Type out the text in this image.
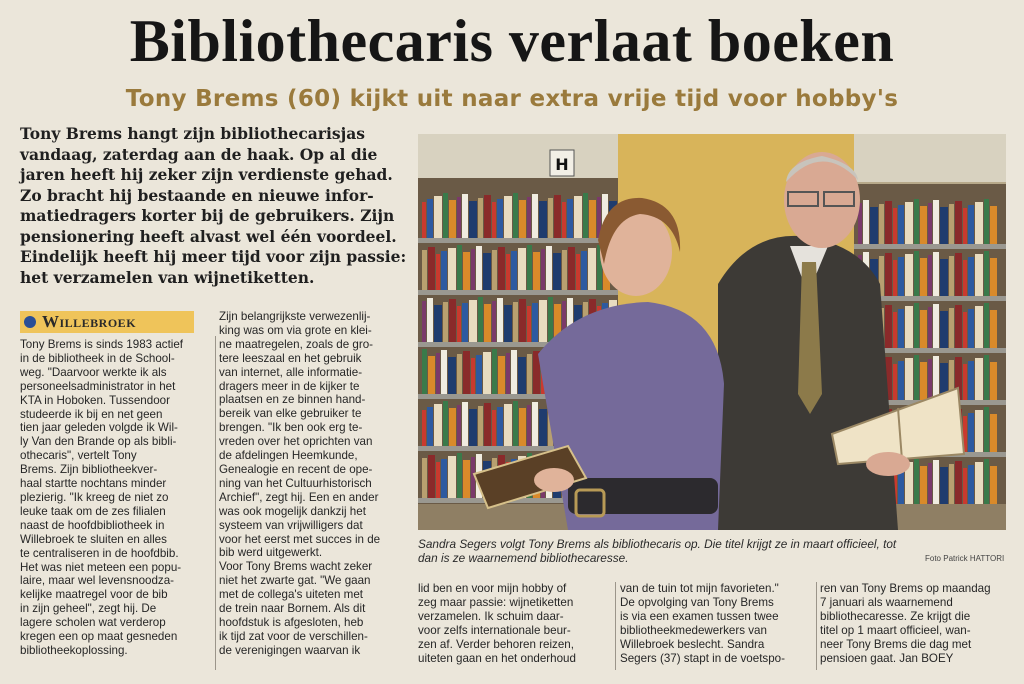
Bibliothecaris verlaat boeken
Tony Brems (60) kijkt uit naar extra vrije tijd voor hobby's
Tony Brems hangt zijn bibliothecarisjas
vandaag, zaterdag aan de haak. Op al die
jaren heeft hij zeker zijn verdienste gehad.
Zo bracht hij bestaande en nieuwe infor-
matiedragers korter bij de gebruikers. Zijn
pensionering heeft alvast wel één voordeel.
Eindelijk heeft hij meer tijd voor zijn passie:
het verzamelen van wijnetiketten.
Willebroek
Tony Brems is sinds 1983 actief
in de bibliotheek in de School-
weg. "Daarvoor werkte ik als
personeelsadministrator in het
KTA in Hoboken. Tussendoor
studeerde ik bij en net geen
tien jaar geleden volgde ik Wil-
ly Van den Brande op als bibli-
othecaris", vertelt Tony
Brems. Zijn bibliotheekver-
haal startte nochtans minder
plezierig. "Ik kreeg de niet zo
leuke taak om de zes filialen
naast de hoofdbibliotheek in
Willebroek te sluiten en alles
te centraliseren in de hoofdbib.
Het was niet meteen een popu-
laire, maar wel levensnoodza-
kelijke maatregel voor de bib
in zijn geheel", zegt hij. De
lagere scholen wat verderop
kregen een op maat gesneden
bibliotheekoplossing.
Zijn belangrijkste verwezenlij-
king was om via grote en klei-
ne maatregelen, zoals de gro-
tere leeszaal en het gebruik
van internet, alle informatie-
dragers meer in de kijker te
plaatsen en ze binnen hand-
bereik van elke gebruiker te
brengen. "Ik ben ook erg te-
vreden over het oprichten van
de afdelingen Heemkunde,
Genealogie en recent de ope-
ning van het Cultuurhistorisch
Archief", zegt hij. Een en ander
was ook mogelijk dankzij het
systeem van vrijwilligers dat
voor het eerst met succes in de
bib werd uitgewerkt.
Voor Tony Brems wacht zeker
niet het zwarte gat. "We gaan
met de collega's uiteten met
de trein naar Bornem. Als dit
hoofdstuk is afgesloten, heb
ik tijd zat voor de verschillen-
de verenigingen waarvan ik
lid ben en voor mijn hobby of
zeg maar passie: wijnetiketten
verzamelen. Ik schuim daar-
voor zelfs internationale beur-
zen af. Verder behoren reizen,
uiteten gaan en het onderhoud
van de tuin tot mijn favorieten."
De opvolging van Tony Brems
is via een examen tussen twee
bibliotheekmedewerkers van
Willebroek beslecht. Sandra
Segers (37) stapt in de voetspo-
ren van Tony Brems op maandag
7 januari als waarnemend
bibliothecaresse. Ze krijgt die
titel op 1 maart officieel, wan-
neer Tony Brems die dag met
pensioen gaat. Jan BOEY
H
Sandra Segers volgt Tony Brems als bibliothecaris op. Die titel krijgt ze in maart officieel, tot
dan is ze waarnemend bibliothecaresse.	Foto Patrick HATTORI
